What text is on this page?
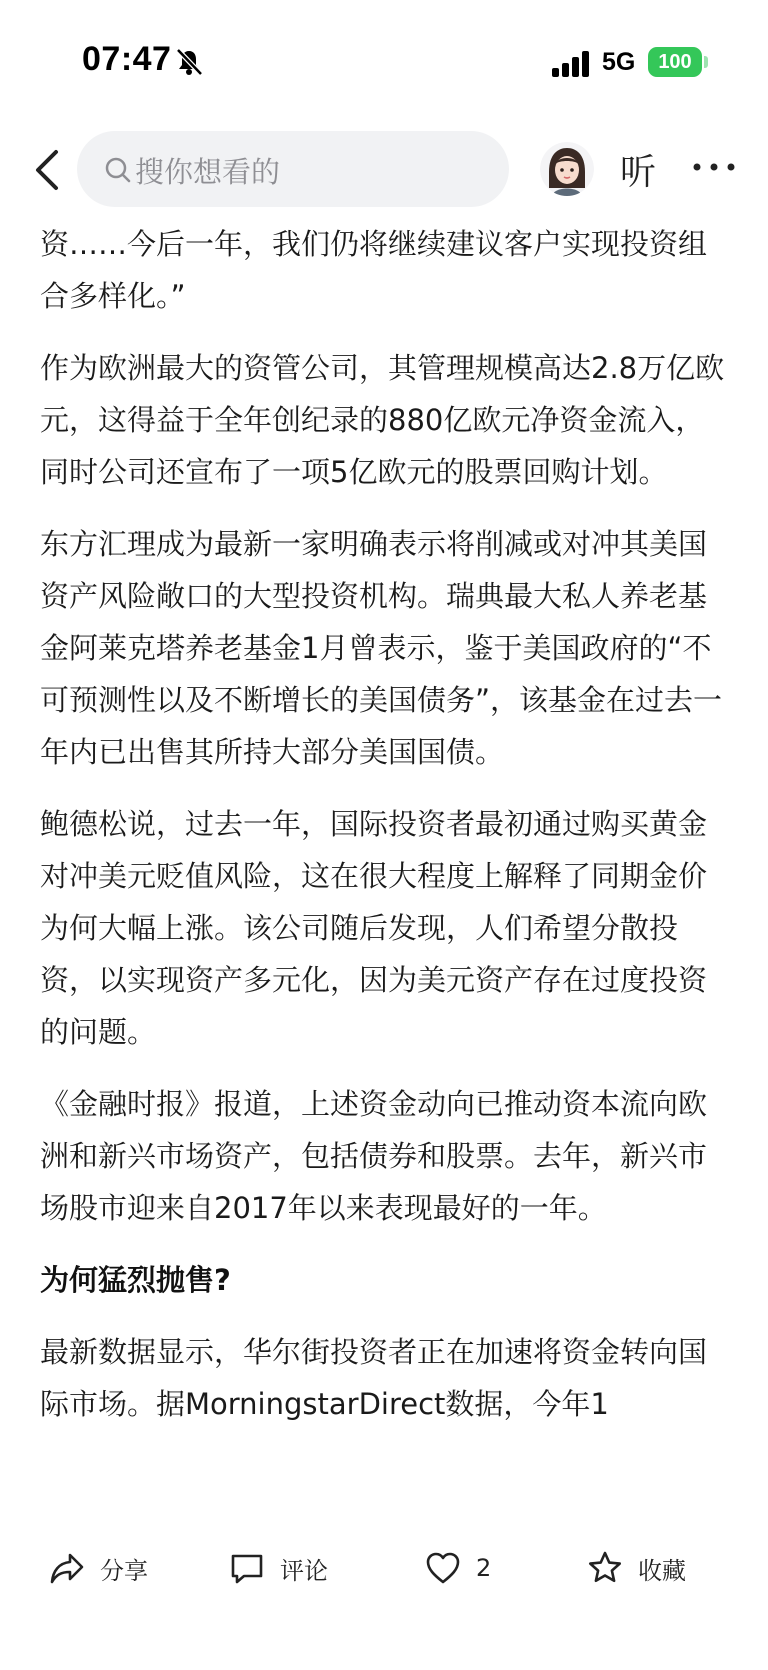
07:47	5G	100
搜你想看的	听

资……今后一年，我们仍将继续建议客户实现投资组合多样化。”

作为欧洲最大的资管公司，其管理规模高达2.8万亿欧元，这得益于全年创纪录的880亿欧元净资金流入，同时公司还宣布了一项5亿欧元的股票回购计划。

东方汇理成为最新一家明确表示将削减或对冲其美国资产风险敞口的大型投资机构。瑞典最大私人养老基金阿莱克塔养老基金1月曾表示，鉴于美国政府的“不可预测性以及不断增长的美国债务”，该基金在过去一年内已出售其所持大部分美国国债。

鲍德松说，过去一年，国际投资者最初通过购买黄金对冲美元贬值风险，这在很大程度上解释了同期金价为何大幅上涨。该公司随后发现，人们希望分散投资，以实现资产多元化，因为美元资产存在过度投资的问题。

《金融时报》报道，上述资金动向已推动资本流向欧洲和新兴市场资产，包括债券和股票。去年，新兴市场股市迎来自2017年以来表现最好的一年。

为何猛烈抛售?

最新数据显示，华尔街投资者正在加速将资金转向国际市场。据MorningstarDirect数据，今年1

分享	评论	2	收藏
